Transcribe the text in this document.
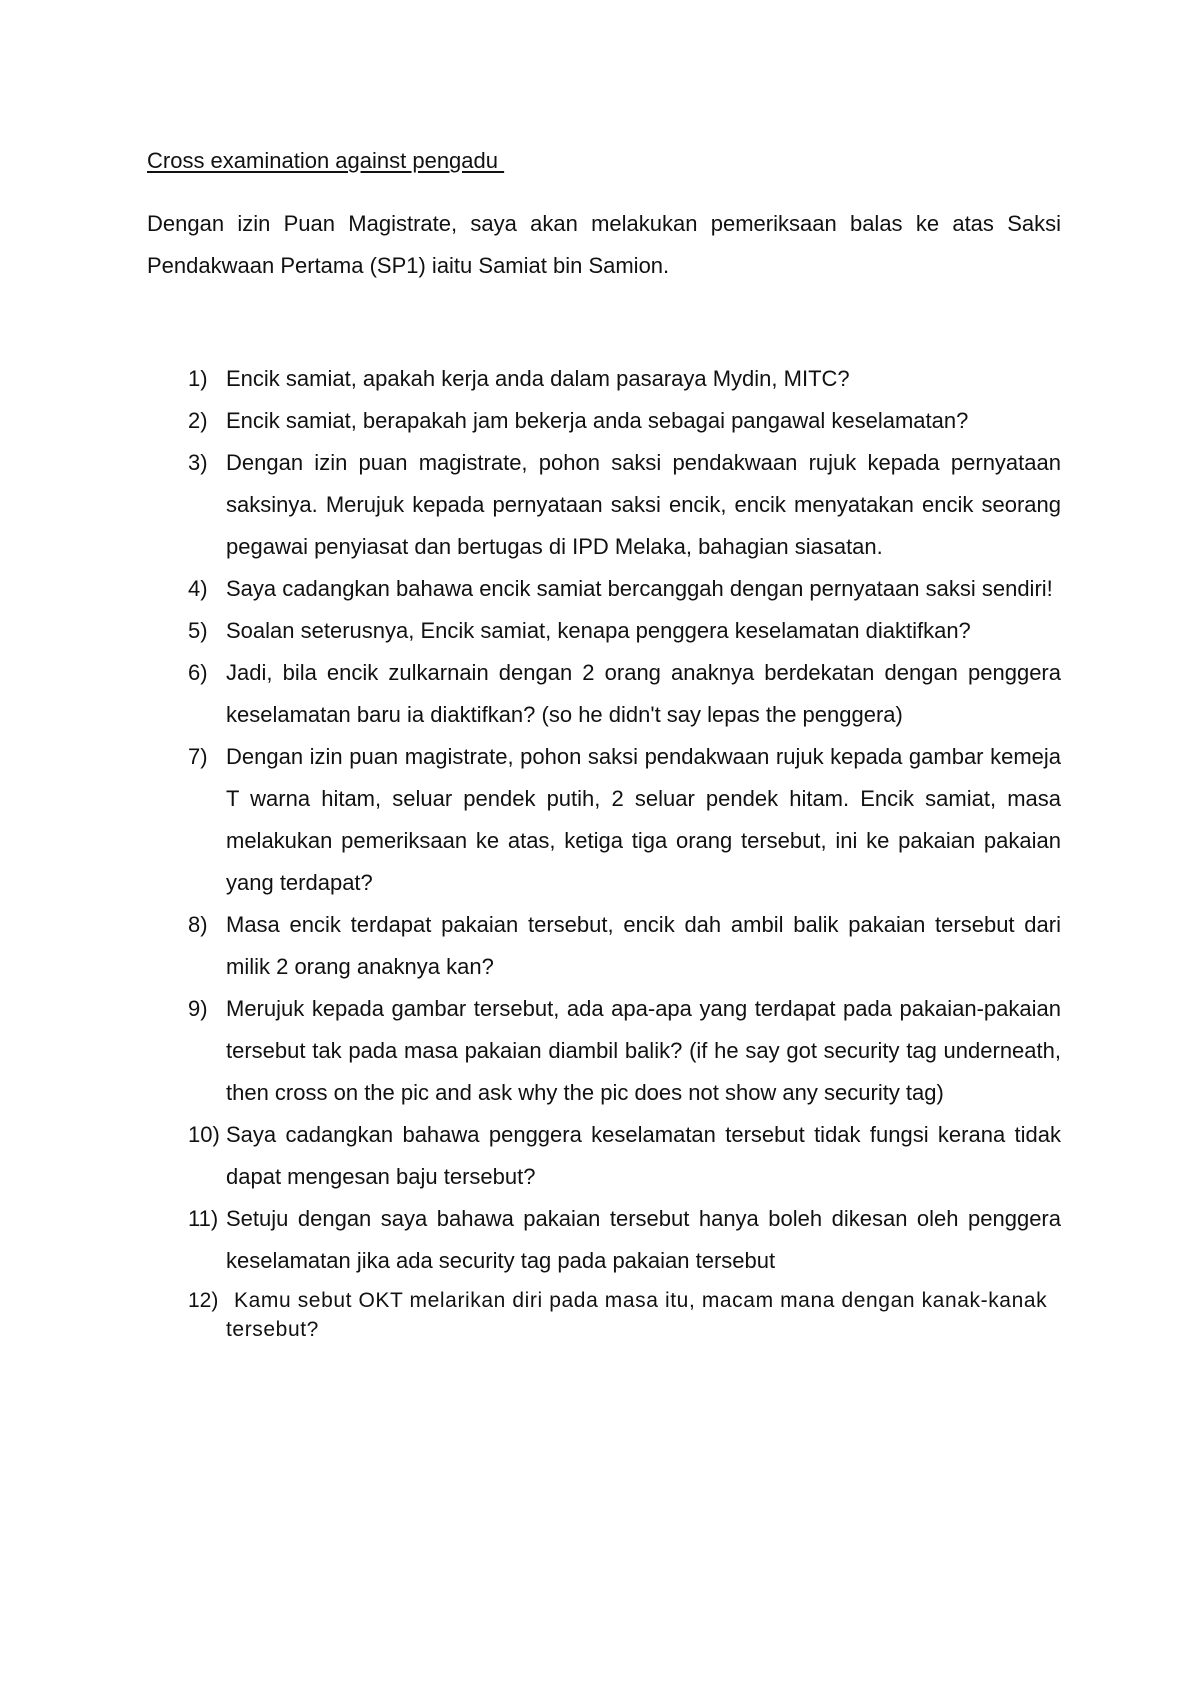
Cross examination against pengadu
Dengan izin Puan Magistrate, saya akan melakukan pemeriksaan balas ke atas Saksi Pendakwaan Pertama (SP1) iaitu Samiat bin Samion.
1) Encik samiat, apakah kerja anda dalam pasaraya Mydin, MITC?
2) Encik samiat, berapakah jam bekerja anda sebagai pangawal keselamatan?
3) Dengan izin puan magistrate, pohon saksi pendakwaan rujuk kepada pernyataan saksinya. Merujuk kepada pernyataan saksi encik, encik menyatakan encik seorang pegawai penyiasat dan bertugas di IPD Melaka, bahagian siasatan.
4) Saya cadangkan bahawa encik samiat bercanggah dengan pernyataan saksi sendiri!
5) Soalan seterusnya, Encik samiat, kenapa penggera keselamatan diaktifkan?
6) Jadi, bila encik zulkarnain dengan 2 orang anaknya berdekatan dengan penggera keselamatan baru ia diaktifkan? (so he didn't say lepas the penggera)
7) Dengan izin puan magistrate, pohon saksi pendakwaan rujuk kepada gambar kemeja T warna hitam, seluar pendek putih, 2 seluar pendek hitam. Encik samiat, masa melakukan pemeriksaan ke atas, ketiga tiga orang tersebut, ini ke pakaian pakaian yang terdapat?
8) Masa encik terdapat pakaian tersebut, encik dah ambil balik pakaian tersebut dari milik 2 orang anaknya kan?
9) Merujuk kepada gambar tersebut, ada apa-apa yang terdapat pada pakaian-pakaian tersebut tak pada masa pakaian diambil balik? (if he say got security tag underneath, then cross on the pic and ask why the pic does not show any security tag)
10) Saya cadangkan bahawa penggera keselamatan tersebut tidak fungsi kerana tidak dapat mengesan baju tersebut?
11) Setuju dengan saya bahawa pakaian tersebut hanya boleh dikesan oleh penggera keselamatan jika ada security tag pada pakaian tersebut
12) Kamu sebut OKT melarikan diri pada masa itu, macam mana dengan kanak-kanak tersebut?
